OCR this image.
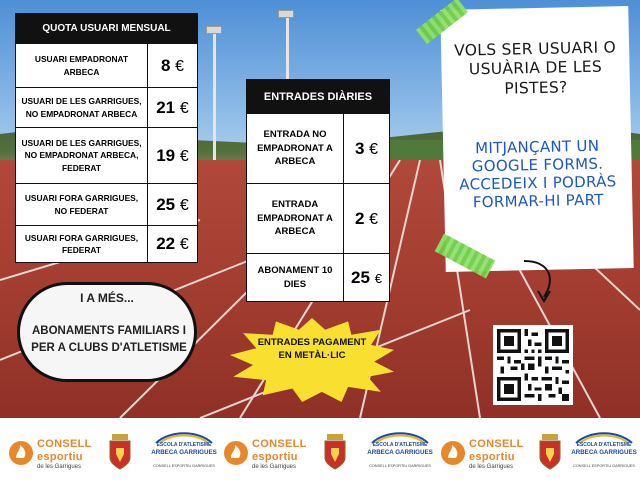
QUOTA USUARI MENSUAL	
USUARI EMPADRONAT ARBECA	8 €
USUARI DE LES GARRIGUES, NO EMPADRONAT ARBECA	21 €
USUARI DE LES GARRIGUES, NO EMPADRONAT ARBECA, FEDERAT	19 €
USUARI FORA GARRIGUES, NO FEDERAT	25 €
USUARI FORA GARRIGUES, FEDERAT	22 €
ENTRADES DIÀRIES	
ENTRADA NO EMPADRONAT A ARBECA	3 €
ENTRADA EMPADRONAT A ARBECA	2 €
ABONAMENT 10 DIES	25 €
VOLS SER USUARI O USUÀRIA DE LES PISTES?
MITJANÇANT UN GOOGLE FORMS. ACCEDEIX I PODRÀS FORMAR-HI PART
I A MÉS...
ABONAMENTS FAMILIARS I PER A CLUBS D'ATLETISME	ENTRADES PAGAMENT EN METÀL·LIC
CONSELL
esportiu
de les Garrigues
ESCOLA D'ATLETISME
ARBECA GARRIGUES
CONSELL ESPORTIU GARRIGUES
CONSELL
esportiu
de les Garrigues
ESCOLA D'ATLETISME
ARBECA GARRIGUES
CONSELL ESPORTIU GARRIGUES
CONSELL
esportiu
de les Garrigues
ESCOLA D'ATLETISME
ARBECA GARRIGUES
CONSELL ESPORTIU GARRIGUES
